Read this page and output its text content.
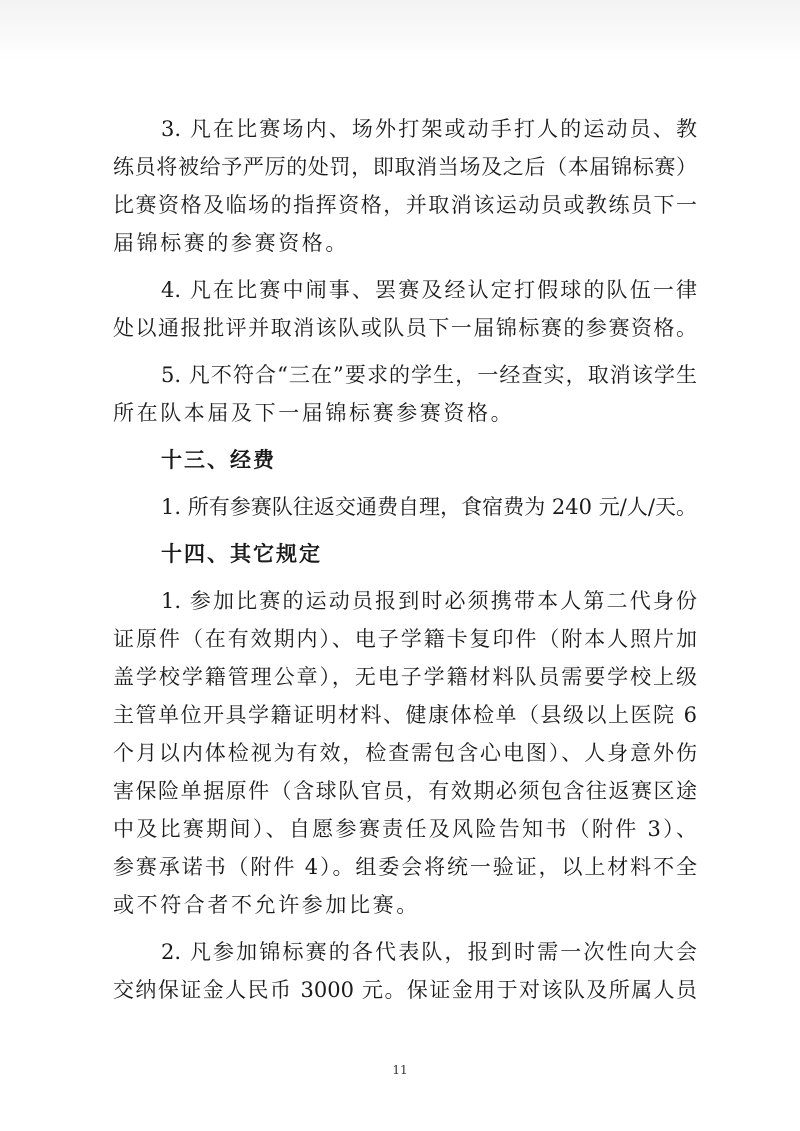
3. 凡在比赛场内、场外打架或动手打人的运动员、教
练员将被给予严厉的处罚，即取消当场及之后（本届锦标赛）
比赛资格及临场的指挥资格，并取消该运动员或教练员下一
届锦标赛的参赛资格。
4. 凡在比赛中闹事、罢赛及经认定打假球的队伍一律
处以通报批评并取消该队或队员下一届锦标赛的参赛资格。
5. 凡不符合“三在”要求的学生，一经查实，取消该学生
所在队本届及下一届锦标赛参赛资格。
十三、经费
1. 所有参赛队往返交通费自理，食宿费为 240 元/人/天。
十四、其它规定
1. 参加比赛的运动员报到时必须携带本人第二代身份
证原件（在有效期内）、电子学籍卡复印件（附本人照片加
盖学校学籍管理公章），无电子学籍材料队员需要学校上级
主管单位开具学籍证明材料、健康体检单（县级以上医院 6
个月以内体检视为有效，检查需包含心电图）、人身意外伤
害保险单据原件（含球队官员，有效期必须包含往返赛区途
中及比赛期间）、自愿参赛责任及风险告知书（附件 3）、
参赛承诺书（附件 4）。组委会将统一验证，以上材料不全
或不符合者不允许参加比赛。
2. 凡参加锦标赛的各代表队，报到时需一次性向大会
交纳保证金人民币 3000 元。保证金用于对该队及所属人员
11
